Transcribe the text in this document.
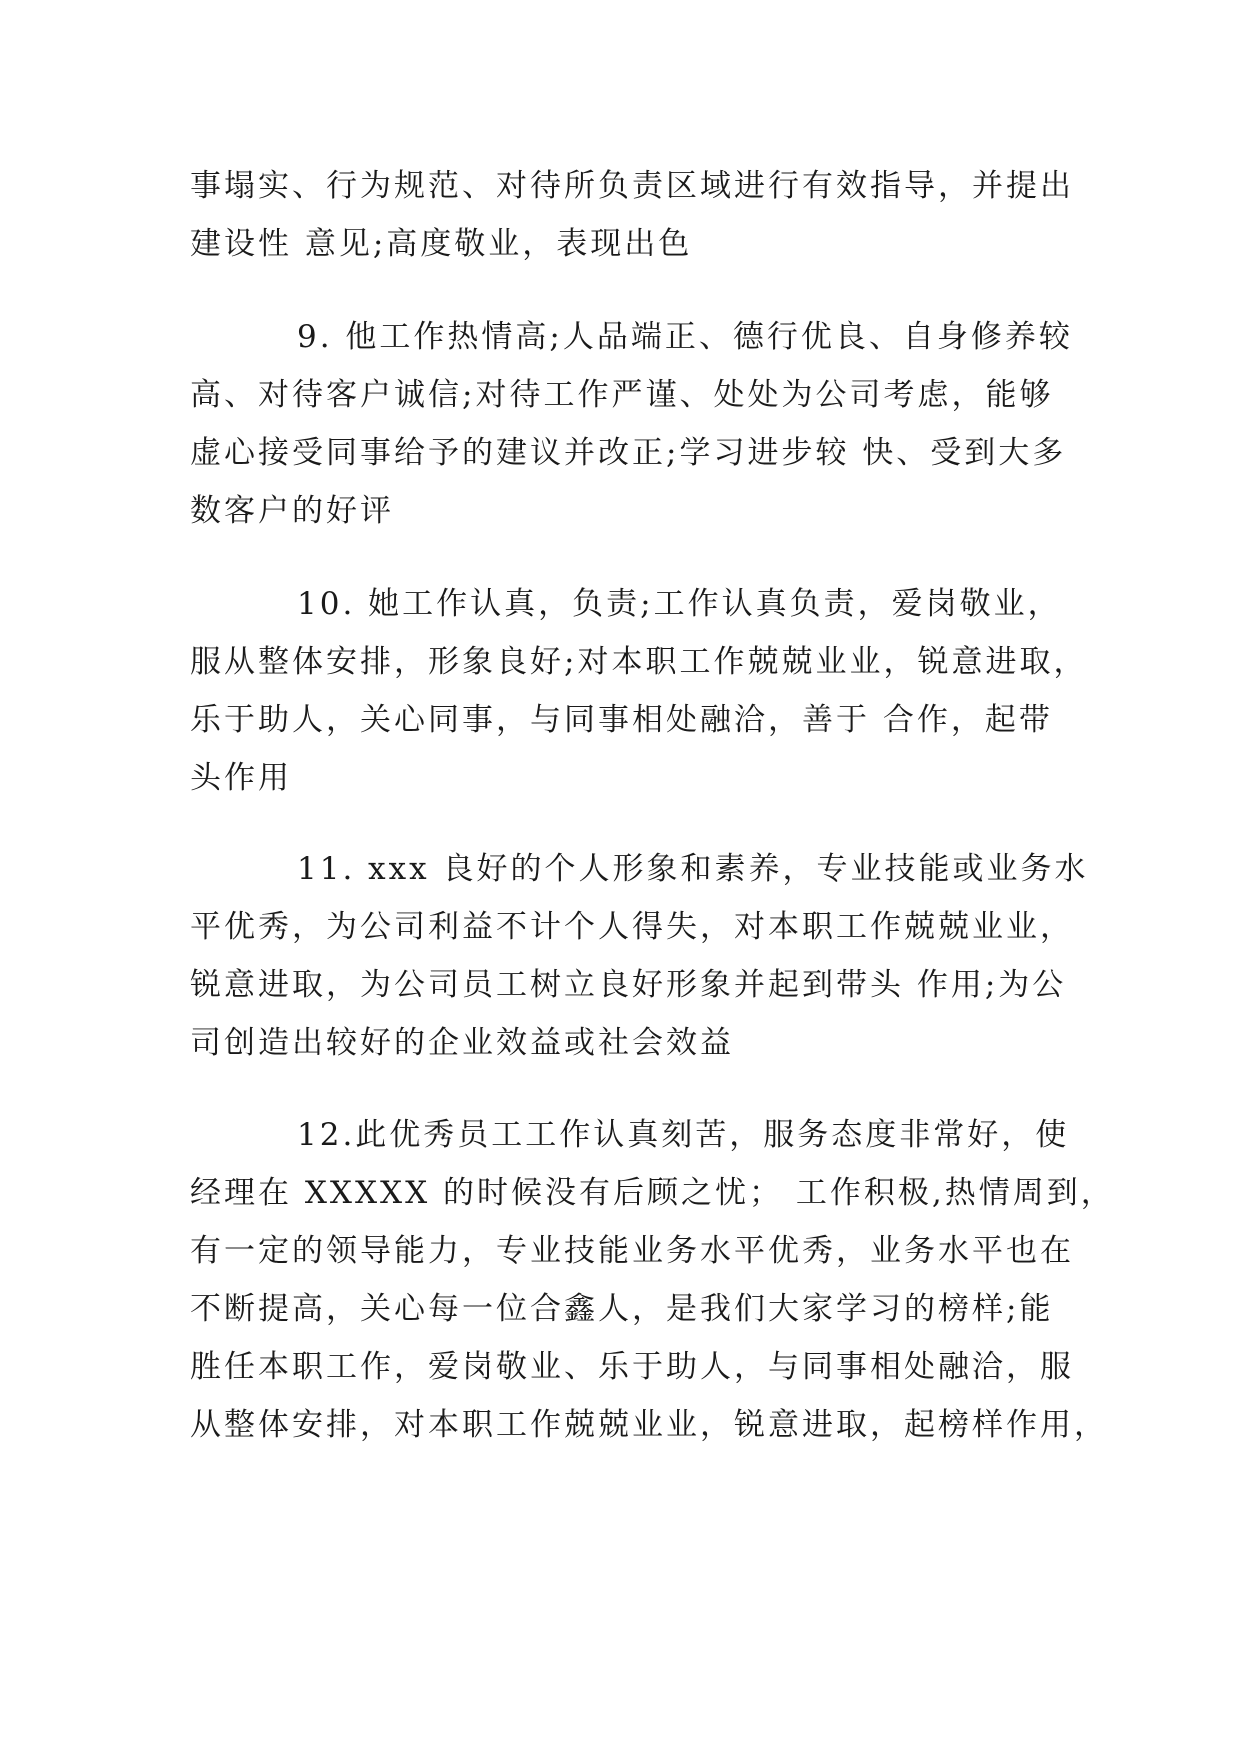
事塌实、行为规范、对待所负责区域进行有效指导，并提出
建设性 意见;高度敬业，表现出色
9. 他工作热情高;人品端正、德行优良、自身修养较
高、对待客户诚信;对待工作严谨、处处为公司考虑，能够
虚心接受同事给予的建议并改正;学习进步较 快、受到大多
数客户的好评
10. 她工作认真，负责;工作认真负责，爱岗敬业，
服从整体安排，形象良好;对本职工作兢兢业业，锐意进取，
乐于助人，关心同事，与同事相处融洽，善于 合作，起带
头作用
11. xxx 良好的个人形象和素养，专业技能或业务水
平优秀，为公司利益不计个人得失，对本职工作兢兢业业，
锐意进取，为公司员工树立良好形象并起到带头 作用;为公
司创造出较好的企业效益或社会效益
12.此优秀员工工作认真刻苦，服务态度非常好，使
经理在 XXXXX 的时候没有后顾之忧； 工作积极,热情周到，
有一定的领导能力，专业技能业务水平优秀，业务水平也在
不断提高，关心每一位合鑫人，是我们大家学习的榜样;能
胜任本职工作，爱岗敬业、乐于助人，与同事相处融洽，服
从整体安排，对本职工作兢兢业业，锐意进取，起榜样作用，
